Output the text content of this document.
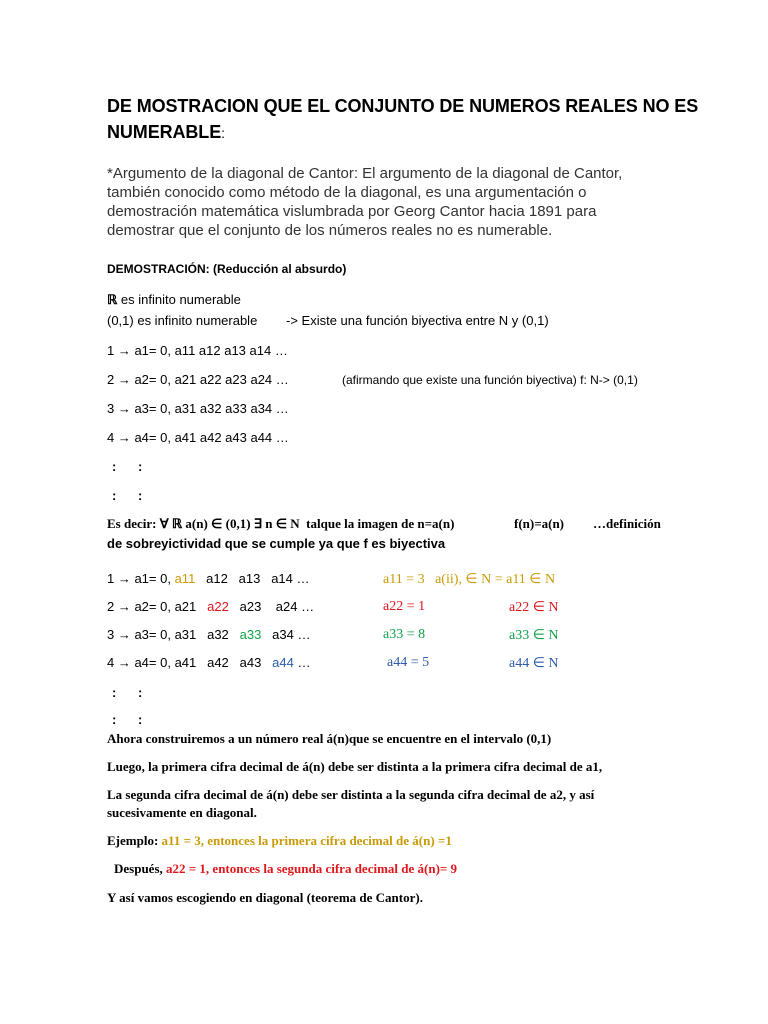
DE MOSTRACION QUE EL CONJUNTO DE NUMEROS REALES NO ES
NUMERABLE:
*Argumento de la diagonal de Cantor: El argumento de la diagonal de Cantor,
también conocido como método de la diagonal, es una argumentación o
demostración matemática vislumbrada por Georg Cantor hacia 1891 para
demostrar que el conjunto de los números reales no es numerable.
DEMOSTRACIÓN: (Reducción al absurdo)
ℝ es infinito numerable
(0,1) es infinito numerable -> Existe una función biyectiva entre N y (0,1)
1 → a1= 0, a11 a12 a13 a14 …
2 → a2= 0, a21 a22 a23 a24 …	(afirmando que existe una función biyectiva) f: N-> (0,1)
3 → a3= 0, a31 a32 a33 a34 …
4 → a4= 0, a41 a42 a43 a44 …
:      :
:      :
Es decir: ∀ ℝ a(n) ∈ (0,1) ∃ n ∈ N  talque la imagen de n=a(n)	f(n)=a(n) …definición
de sobreyictividad que se cumple ya que f es biyectiva
1 → a1= 0, a11   a12   a13   a14 …	a11 = 3   a(ii), ∈ N = a11 ∈ N
2 → a2= 0, a21   a22   a23    a24 …	a22 = 1	a22 ∈ N
3 → a3= 0, a31   a32   a33   a34 …	a33 = 8	a33 ∈ N
4 → a4= 0, a41   a42   a43   a44 …	a44 = 5	a44 ∈ N
:      :
:      :
Ahora construiremos a un número real á(n)que se encuentre en el intervalo (0,1)
Luego, la primera cifra decimal de á(n) debe ser distinta a la primera cifra decimal de a1,
La segunda cifra decimal de á(n) debe ser distinta a la segunda cifra decimal de a2, y así
sucesivamente en diagonal.
Ejemplo: a11 = 3, entonces la primera cifra decimal de á(n) =1
Después, a22 = 1, entonces la segunda cifra decimal de á(n)= 9
Y así vamos escogiendo en diagonal (teorema de Cantor).
